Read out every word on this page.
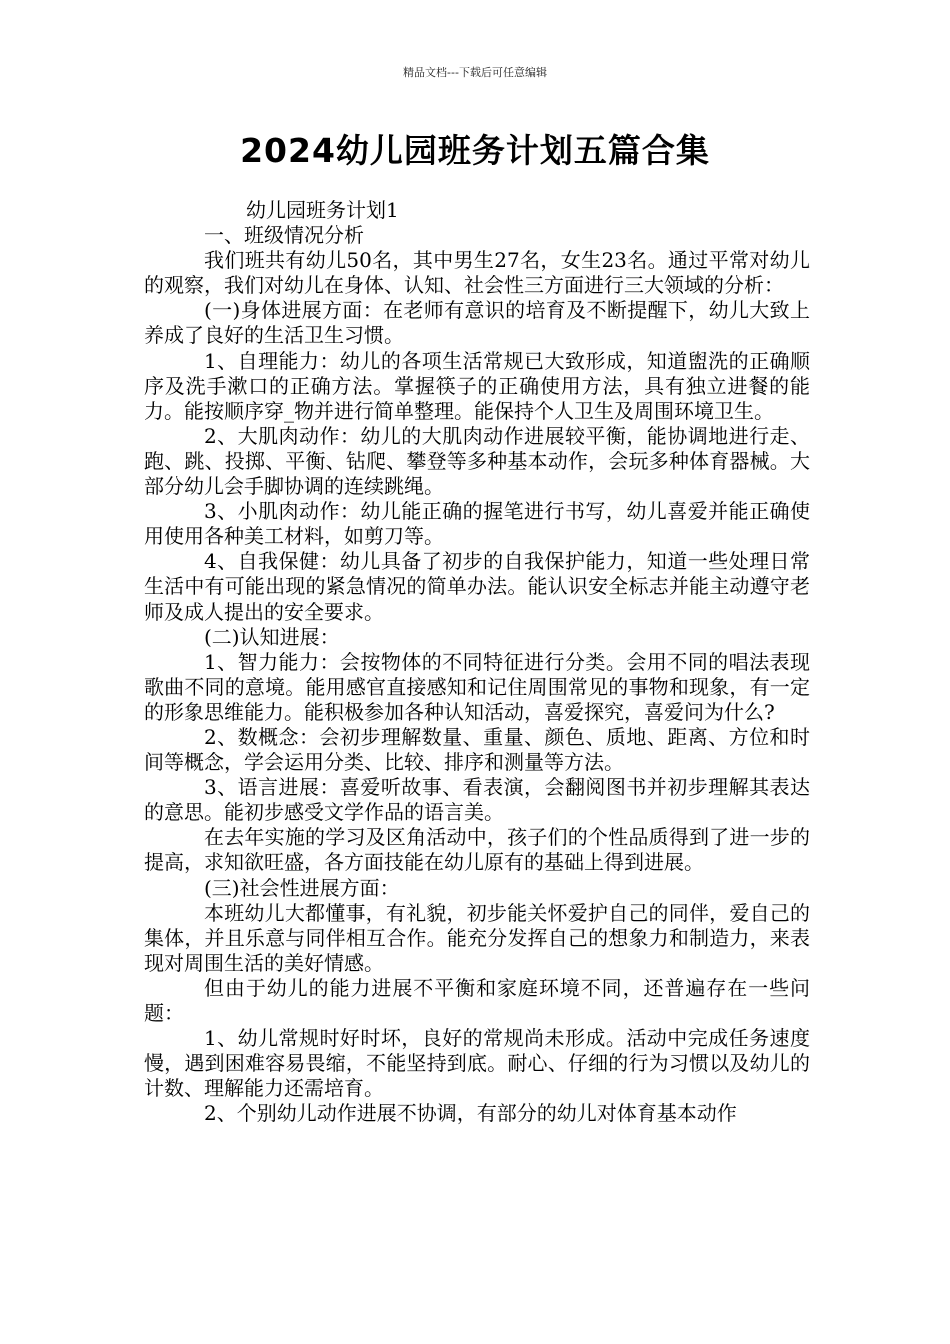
精品文档---下载后可任意编辑
2024幼儿园班务计划五篇合集

幼儿园班务计划1

一、班级情况分析

我们班共有幼儿50名，其中男生27名，女生23名。通过平常对幼儿的观察，我们对幼儿在身体、认知、社会性三方面进行三大领域的分析：

(一)身体进展方面：在老师有意识的培育及不断提醒下，幼儿大致上养成了良好的生活卫生习惯。

1、自理能力：幼儿的各项生活常规已大致形成，知道盥洗的正确顺序及洗手漱口的正确方法。掌握筷子的正确使用方法，具有独立进餐的能力。能按顺序穿_物并进行简单整理。能保持个人卫生及周围环境卫生。

2、大肌肉动作：幼儿的大肌肉动作进展较平衡，能协调地进行走、跑、跳、投掷、平衡、钻爬、攀登等多种基本动作，会玩多种体育器械。大部分幼儿会手脚协调的连续跳绳。

3、小肌肉动作：幼儿能正确的握笔进行书写，幼儿喜爱并能正确使用使用各种美工材料，如剪刀等。

4、自我保健：幼儿具备了初步的自我保护能力，知道一些处理日常生活中有可能出现的紧急情况的简单办法。能认识安全标志并能主动遵守老师及成人提出的安全要求。

(二)认知进展：

1、智力能力：会按物体的不同特征进行分类。会用不同的唱法表现歌曲不同的意境。能用感官直接感知和记住周围常见的事物和现象，有一定的形象思维能力。能积极参加各种认知活动，喜爱探究，喜爱问为什么?

2、数概念：会初步理解数量、重量、颜色、质地、距离、方位和时间等概念，学会运用分类、比较、排序和测量等方法。

3、语言进展：喜爱听故事、看表演，会翻阅图书并初步理解其表达的意思。能初步感受文学作品的语言美。

在去年实施的学习及区角活动中，孩子们的个性品质得到了进一步的提高，求知欲旺盛，各方面技能在幼儿原有的基础上得到进展。

(三)社会性进展方面：

本班幼儿大都懂事，有礼貌，初步能关怀爱护自己的同伴，爱自己的集体，并且乐意与同伴相互合作。能充分发挥自己的想象力和制造力，来表现对周围生活的美好情感。

但由于幼儿的能力进展不平衡和家庭环境不同，还普遍存在一些问题：

1、幼儿常规时好时坏，良好的常规尚未形成。活动中完成任务速度慢，遇到困难容易畏缩，不能坚持到底。耐心、仔细的行为习惯以及幼儿的计数、理解能力还需培育。

2、个别幼儿动作进展不协调，有部分的幼儿对体育基本动作
